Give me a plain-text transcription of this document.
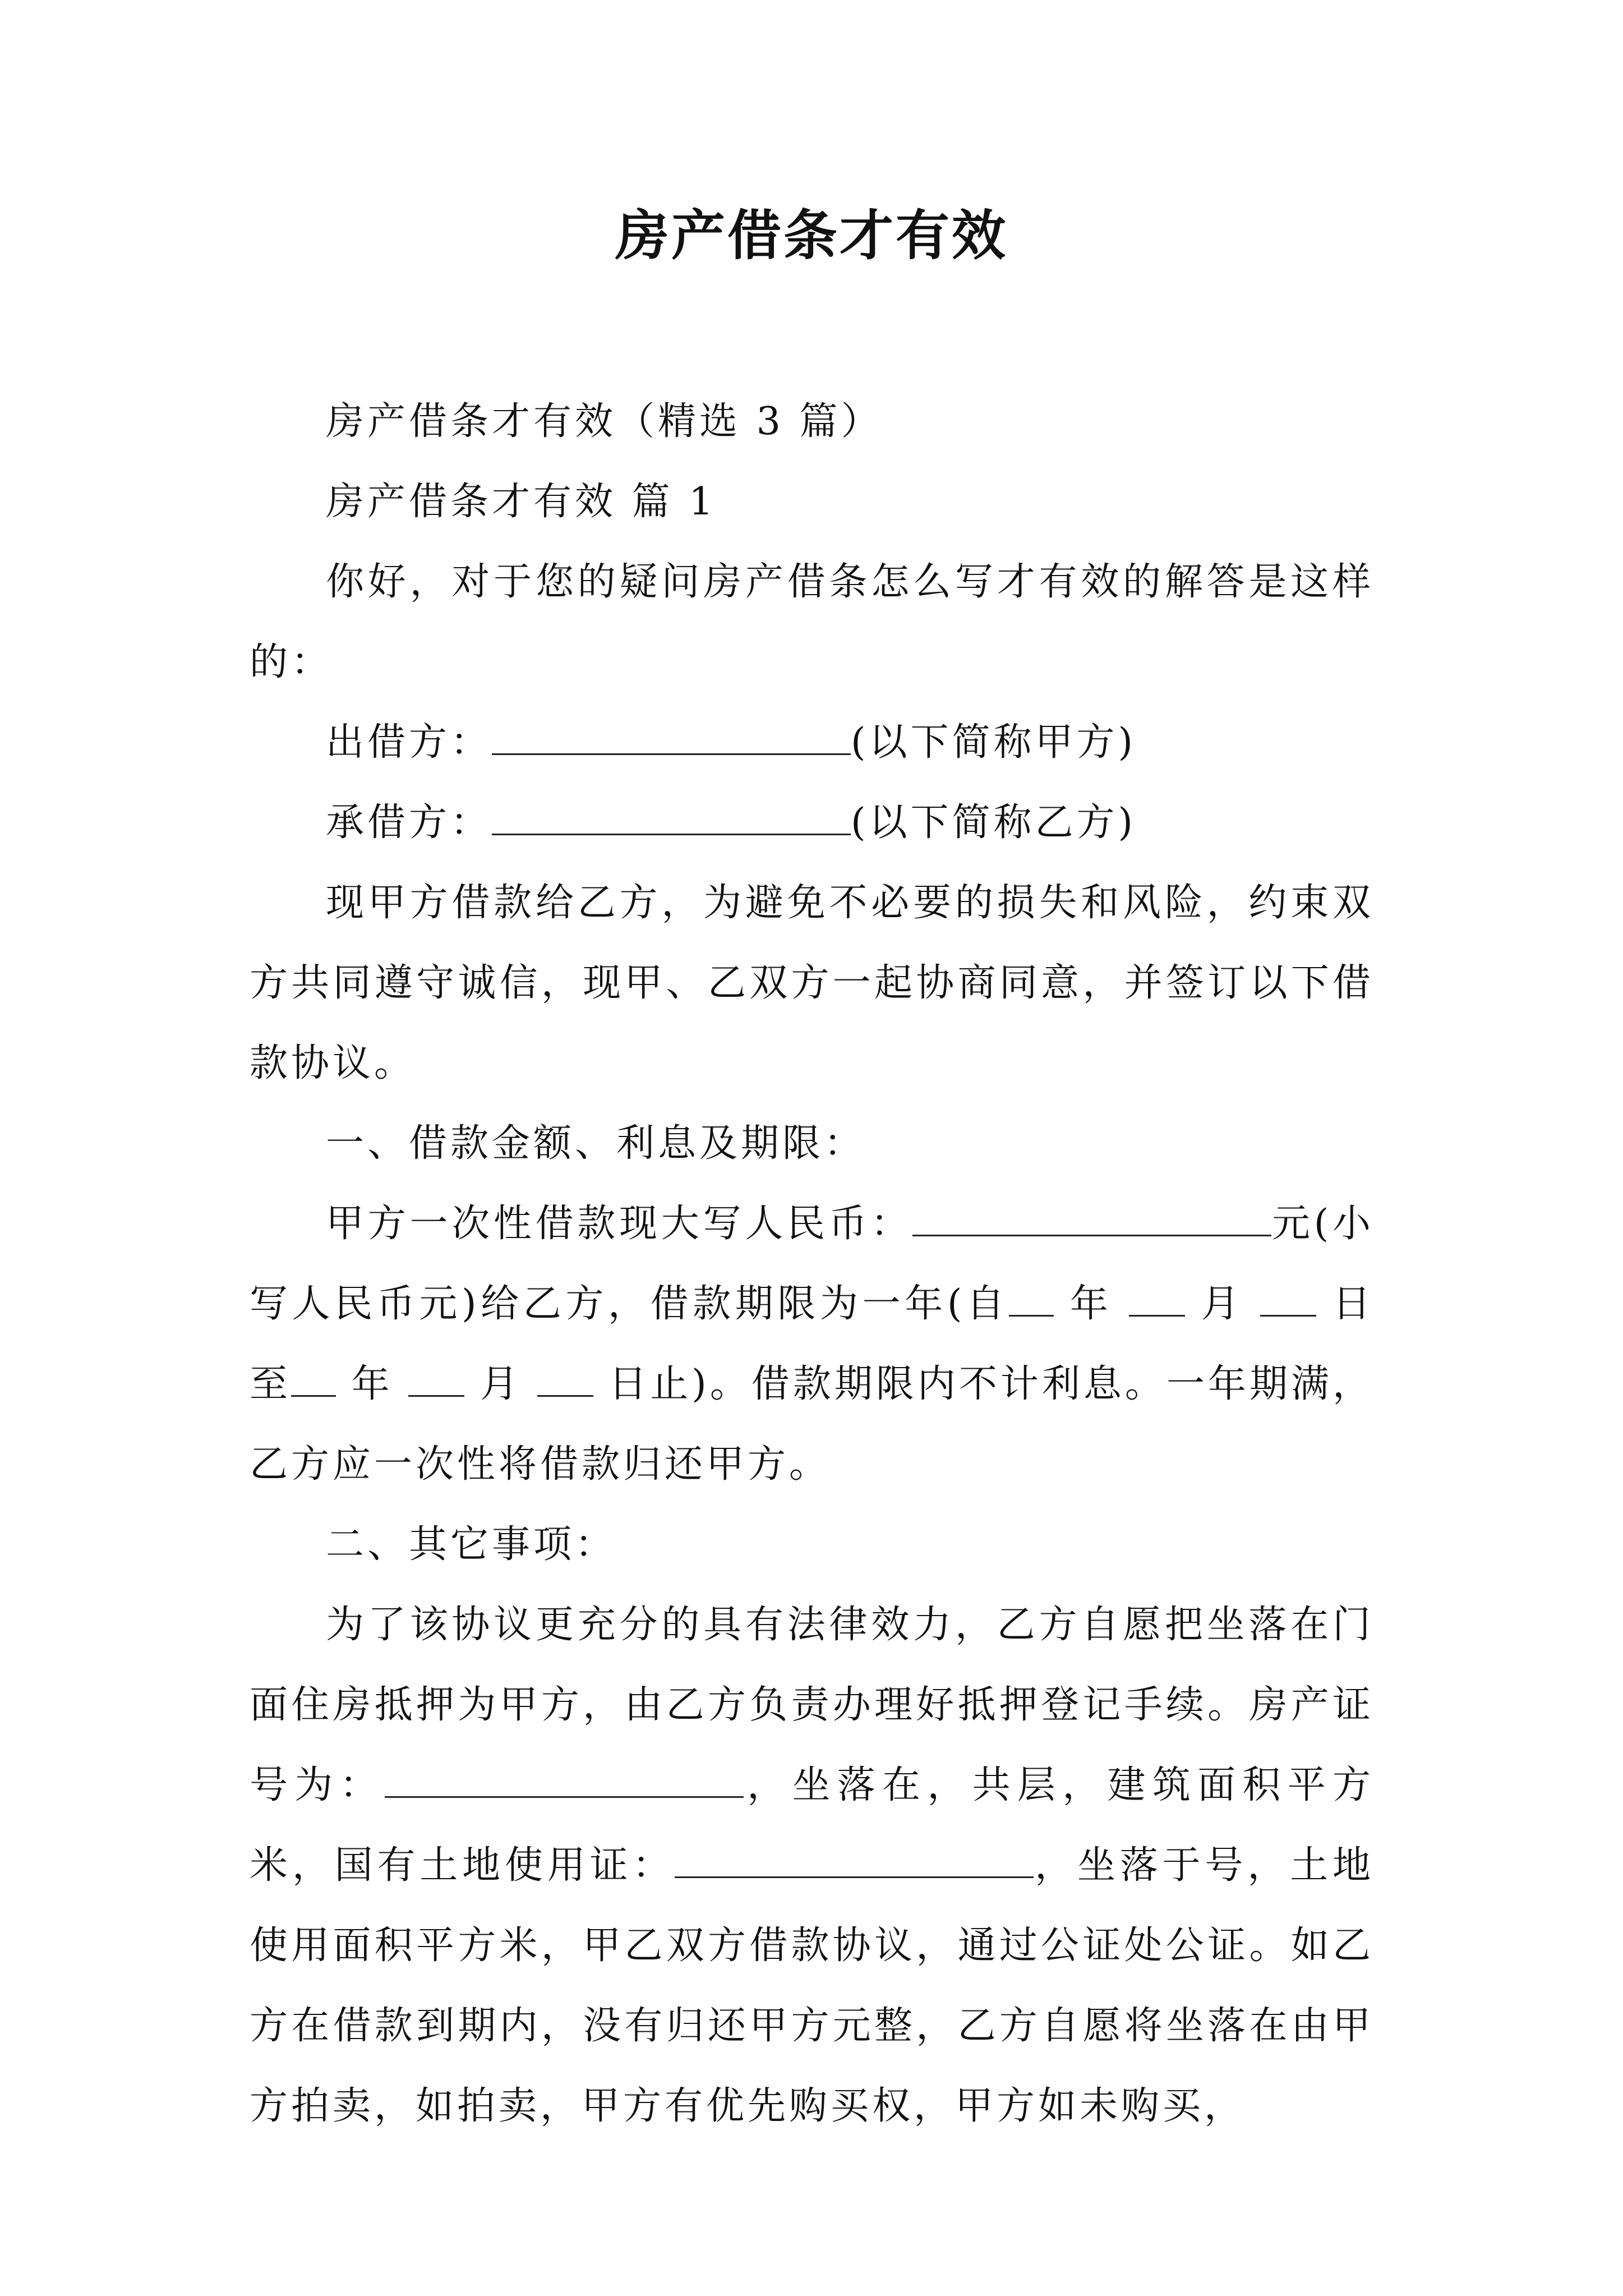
房产借条才有效

房产借条才有效（精选 3 篇）

房产借条才有效 篇 1

你好，对于您的疑问房产借条怎么写才有效的解答是这样的：

出借方：	(以下简称甲方)

承借方：	(以下简称乙方)

现甲方借款给乙方，为避免不必要的损失和风险，约束双方共同遵守诚信，现甲、乙双方一起协商同意，并签订以下借款协议。

一、借款金额、利息及期限：

甲方一次性借款现大写人民币：	元(小写人民币元)给乙方，借款期限为一年(自 年 月 日至 年 月 日止)。借款期限内不计利息。一年期满，乙方应一次性将借款归还甲方。

二、其它事项：

为了该协议更充分的具有法律效力，乙方自愿把坐落在门面住房抵押为甲方，由乙方负责办理好抵押登记手续。房产证号为：	，坐落在，共层，建筑面积平方米，国有土地使用证：	，坐落于号，土地使用面积平方米，甲乙双方借款协议，通过公证处公证。如乙方在借款到期内，没有归还甲方元整，乙方自愿将坐落在由甲方拍卖，如拍卖，甲方有优先购买权，甲方如未购买，
